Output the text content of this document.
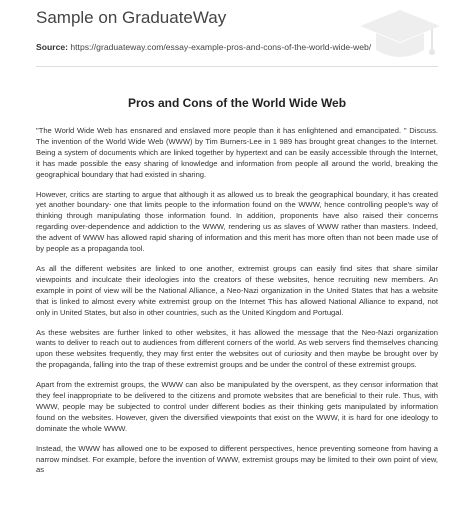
Sample on GraduateWay
Source: https://graduateway.com/essay-example-pros-and-cons-of-the-world-wide-web/
Pros and Cons of the World Wide Web

"The World Wide Web has ensnared and enslaved more people than it has enlightened and emancipated. " Discuss. The invention of the World Wide Web (WWW) by Tim Burners-Lee in 1 989 has brought great changes to the Internet. Being a system of documents which are linked together by hypertext and can be easily accessible through the Internet, it has made possible the easy sharing of knowledge and information from people all around the world, breaking the geographical boundary that had existed in sharing.

However, critics are starting to argue that although it as allowed us to break the geographical boundary, it has created yet another boundary- one that limits people to the information found on the WWW, hence controlling people's way of thinking through manipulating those information found. In addition, proponents have also raised their concerns regarding over-dependence and addiction to the WWW, rendering us as slaves of WWW rather than masters. Indeed, the advent of WWW has allowed rapid sharing of information and this merit has more often than not been made use of by people as a propaganda tool.

As all the different websites are linked to one another, extremist groups can easily find sites that share similar viewpoints and inculcate their ideologies into the creators of these websites, hence recruiting new members. An example in point of view will be the National Alliance, a Neo-Nazi organization in the United States that has a website that is linked to almost every white extremist group on the Internet This has allowed National Alliance to expand, not only in United States, but also in other countries, such as the United Kingdom and Portugal.

As these websites are further linked to other websites, it has allowed the message that the Neo-Nazi organization wants to deliver to reach out to audiences from different corners of the world. As web servers find themselves chancing upon these websites frequently, they may first enter the websites out of curiosity and then maybe be brought over by the propaganda, falling into the trap of these extremist groups and be under the control of these extremist groups.

Apart from the extremist groups, the WWW can also be manipulated by the overspent, as they censor information that they feel inappropriate to be delivered to the citizens and promote websites that are beneficial to their rule. Thus, with WWW, people may be subjected to control under different bodies as their thinking gets manipulated by information found on the websites. However, given the diversified viewpoints that exist on the WWW, it is hard for one ideology to dominate the whole WWW.

Instead, the WWW has allowed one to be exposed to different perspectives, hence preventing someone from having a narrow mindset. For example, before the invention of WWW, extremist groups may be limited to their own point of view, as
